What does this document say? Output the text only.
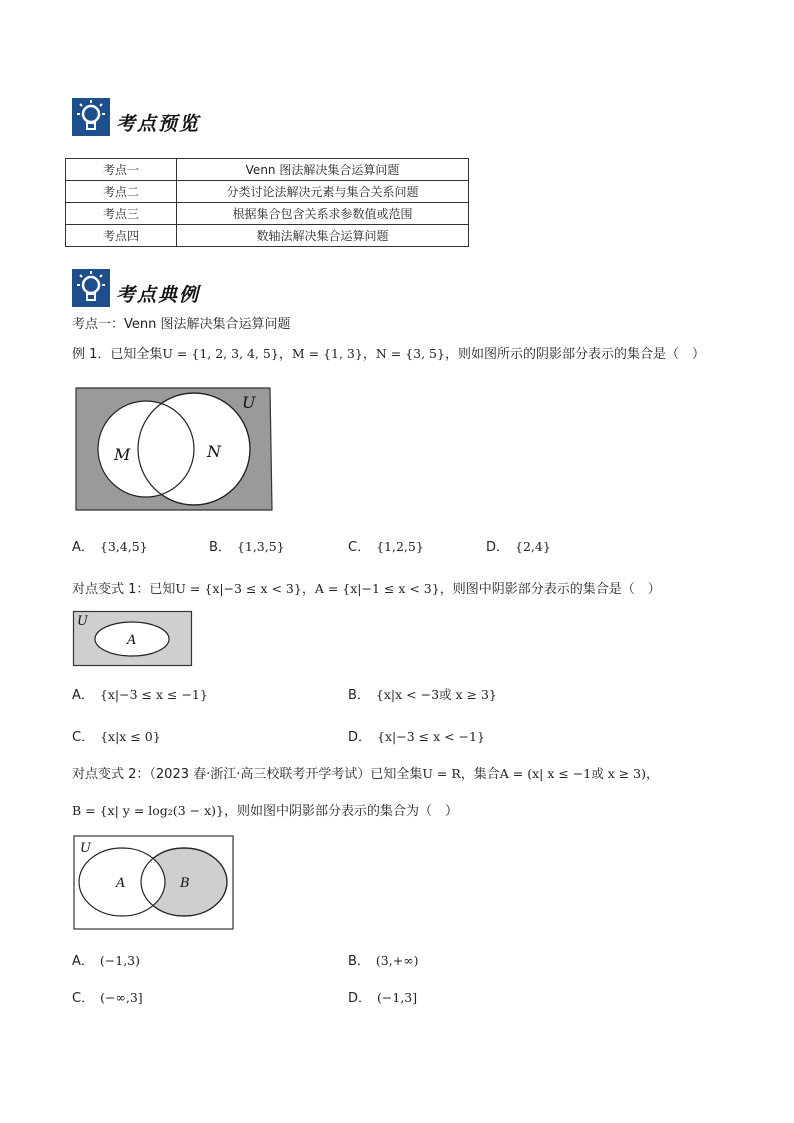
考点预览
考点一	Venn 图法解决集合运算问题
考点二	分类讨论法解决元素与集合关系问题
考点三	根据集合包含关系求参数值或范围
考点四	数轴法解决集合运算问题
考点典例
考点一：Venn 图法解决集合运算问题
例 1．已知全集U = {1, 2, 3, 4, 5}，M = {1, 3}，N = {3, 5}，则如图所示的阴影部分表示的集合是（　）
U
M	N
A． {3,4,5}	B． {1,3,5}	C． {1,2,5}	D． {2,4}
对点变式 1：已知U = {x|−3 ≤ x < 3}，A = {x|−1 ≤ x < 3}，则图中阴影部分表示的集合是（　）
U
A
A． {x|−3 ≤ x ≤ −1}	B． {x|x < −3或 x ≥ 3}
C． {x|x ≤ 0}	D． {x|−3 ≤ x < −1}
对点变式 2：（2023 春·浙江·高三校联考开学考试）已知全集U = R，集合A = (x| x ≤ −1或 x ≥ 3)，
B = {x| y = log₂(3 − x)}，则如图中阴影部分表示的集合为（　）
U
A	B
A． (−1,3)	B． (3,+∞)
C． (−∞,3]	D． (−1,3]
